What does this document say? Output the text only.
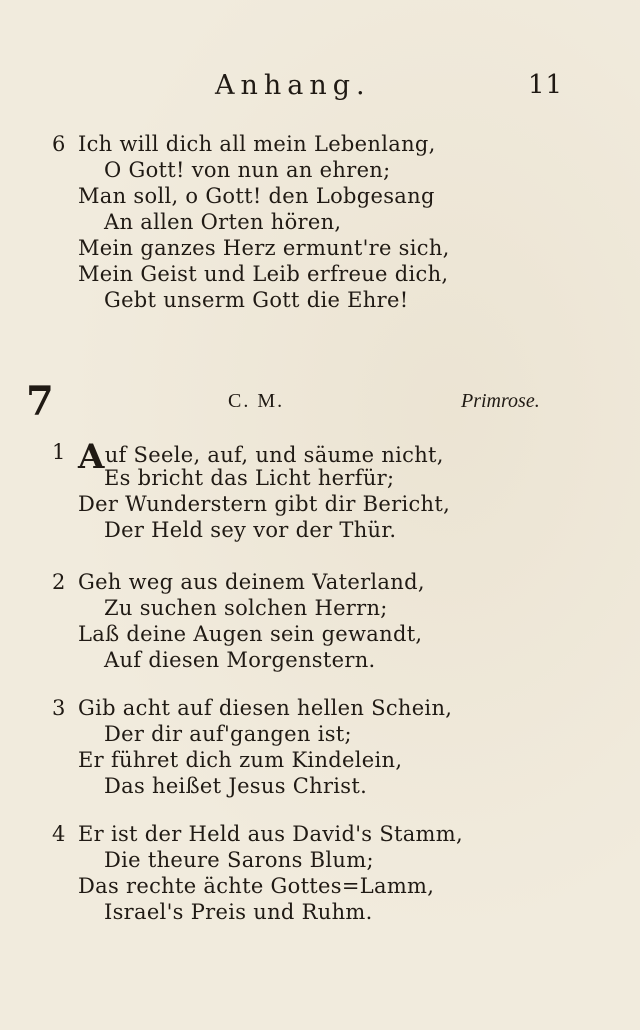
Anhang.	11
6 Ich will dich all mein Lebenlang,
O Gott! von nun an ehren;
Man soll, o Gott! den Lobgesang
An allen Orten hören,
Mein ganzes Herz ermunt're sich,
Mein Geist und Leib erfreue dich,
Gebt unserm Gott die Ehre!
7	C. M.	Primrose.
1 Auf Seele, auf, und säume nicht,
Es bricht das Licht herfür;
Der Wunderstern gibt dir Bericht,
Der Held sey vor der Thür.
2 Geh weg aus deinem Vaterland,
Zu suchen solchen Herrn;
Laß deine Augen sein gewandt,
Auf diesen Morgenstern.
3 Gib acht auf diesen hellen Schein,
Der dir auf'gangen ist;
Er führet dich zum Kindelein,
Das heißet Jesus Christ.
4 Er ist der Held aus David's Stamm,
Die theure Sarons Blum;
Das rechte ächte Gottes=Lamm,
Israel's Preis und Ruhm.
